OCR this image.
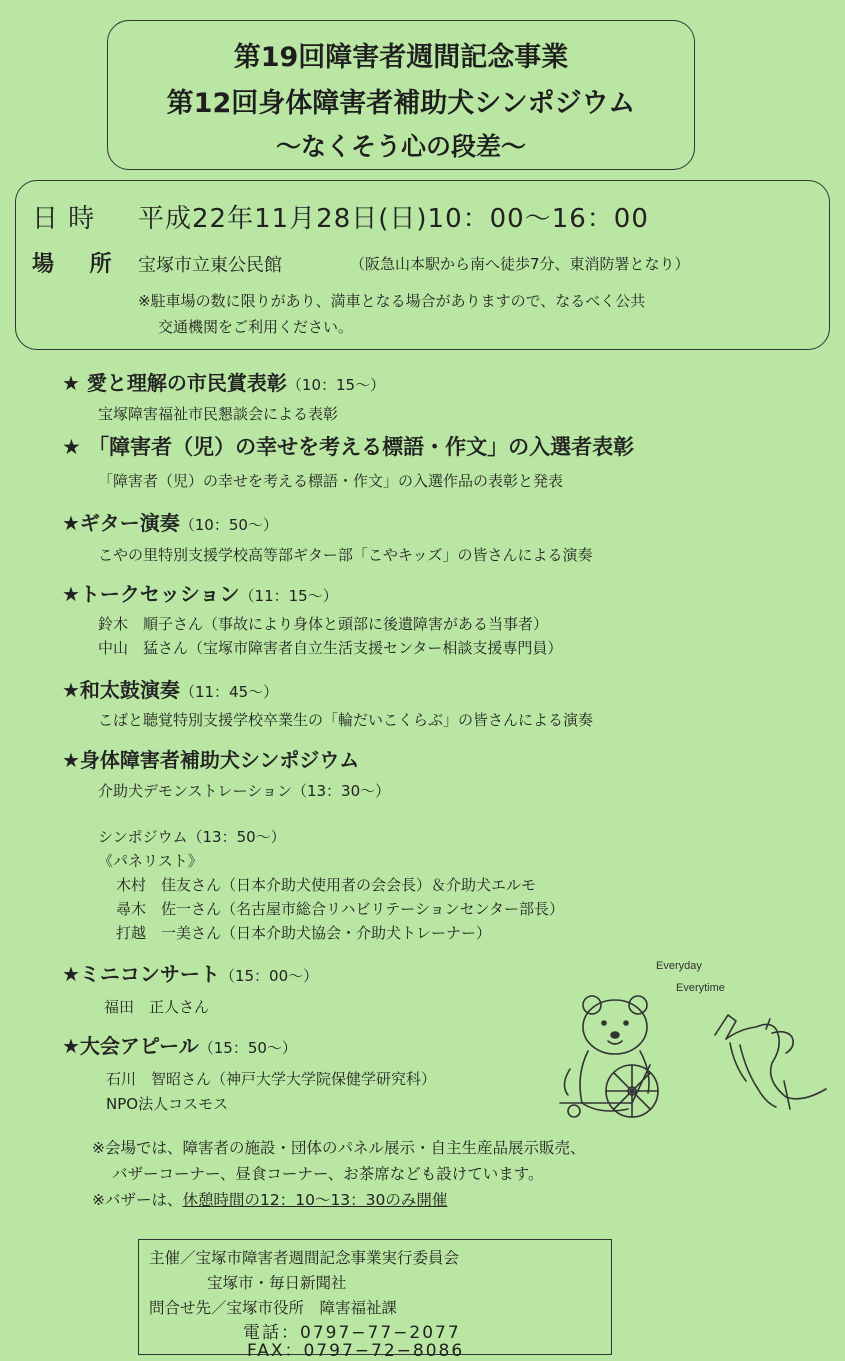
第19回障害者週間記念事業
第12回身体障害者補助犬シンポジウム
～なくそう心の段差～
日 時 平成22年11月28日(日)10：00～16：00
場 所 宝塚市立東公民館	（阪急山本駅から南へ徒歩7分、東消防署となり）
※駐車場の数に限りがあり、満車となる場合がありますので、なるべく公共
交通機関をご利用ください。
★ 愛と理解の市民賞表彰（10：15～）
宝塚障害福祉市民懇談会による表彰
★ 「障害者（児）の幸せを考える標語・作文」の入選者表彰
「障害者（児）の幸せを考える標語・作文」の入選作品の表彰と発表
★ギター演奏（10：50～）
こやの里特別支援学校高等部ギター部「こやキッズ」の皆さんによる演奏
★トークセッション（11：15～）
鈴木　順子さん（事故により身体と頭部に後遺障害がある当事者）
中山　猛さん（宝塚市障害者自立生活支援センター相談支援専門員）
★和太鼓演奏（11：45～）
こばと聴覚特別支援学校卒業生の「輪だいこくらぶ」の皆さんによる演奏
★身体障害者補助犬シンポジウム
介助犬デモンストレーション（13：30～）
シンポジウム（13：50～）
《パネリスト》
木村　佳友さん（日本介助犬使用者の会会長）＆介助犬エルモ
尋木　佐一さん（名古屋市総合リハビリテーションセンター部長）
打越　一美さん（日本介助犬協会・介助犬トレーナー）
★ミニコンサート（15：00～）
福田　正人さん
★大会アピール（15：50～）
石川　智昭さん（神戸大学大学院保健学研究科）
NPO法人コスモス
Everyday
Everytime
※会場では、障害者の施設・団体のパネル展示・自主生産品展示販売、
バザーコーナー、昼食コーナー、お茶席なども設けています。
※バザーは、休憩時間の12：10～13：30のみ開催
主催／宝塚市障害者週間記念事業実行委員会
宝塚市・毎日新聞社
問合せ先／宝塚市役所　障害福祉課
電話：0797−77−2077
FAX：0797−72−8086
